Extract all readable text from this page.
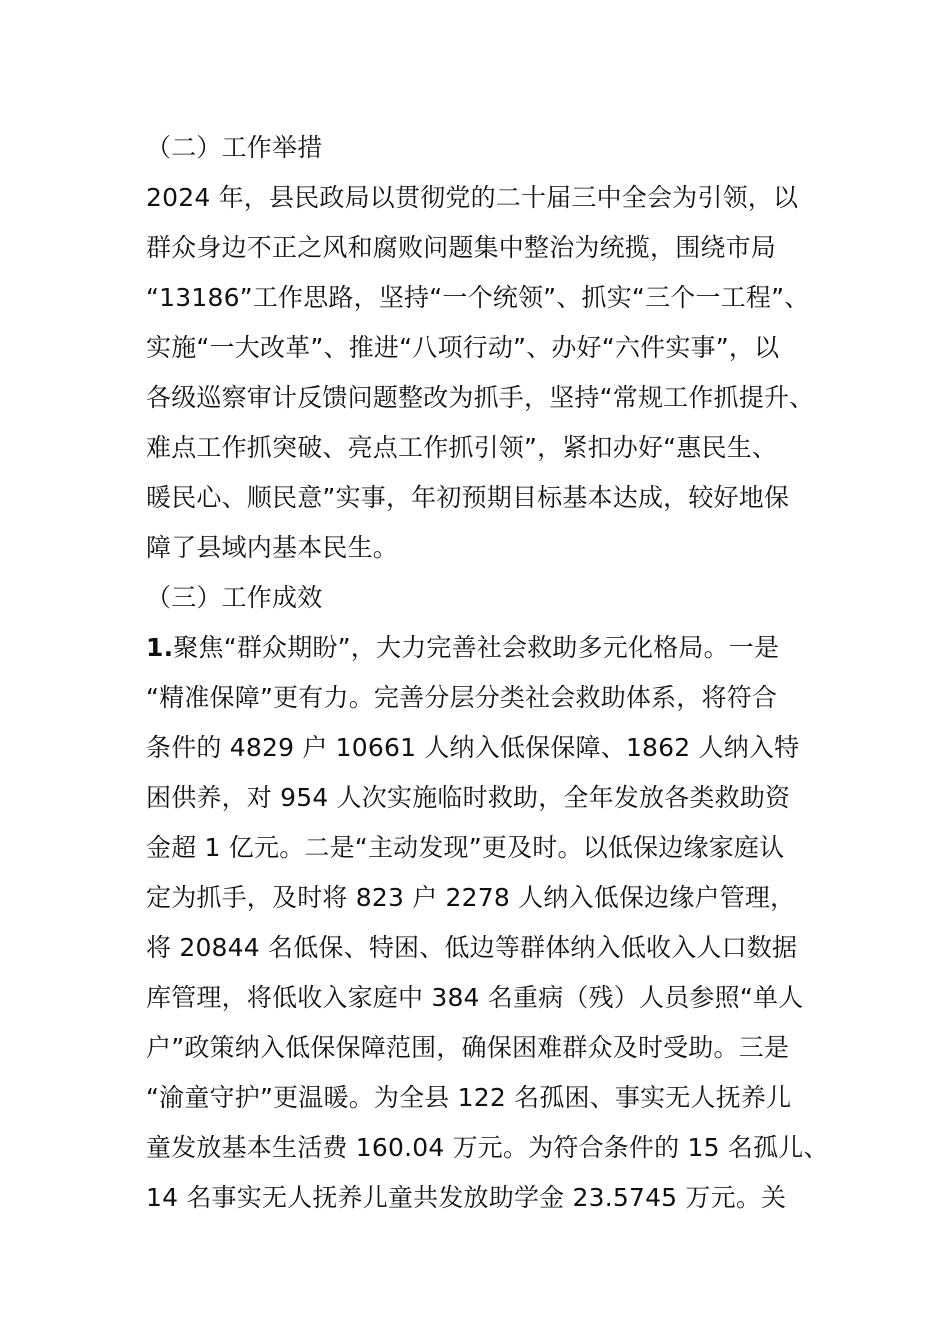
（二）工作举措
2024 年，县民政局以贯彻党的二十届三中全会为引领，以
群众身边不正之风和腐败问题集中整治为统揽，围绕市局
“13186”工作思路，坚持“一个统领”、抓实“三个一工程”、
实施“一大改革”、推进“八项行动”、办好“六件实事”，以
各级巡察审计反馈问题整改为抓手，坚持“常规工作抓提升、
难点工作抓突破、亮点工作抓引领”，紧扣办好“惠民生、
暖民心、顺民意”实事，年初预期目标基本达成，较好地保
障了县域内基本民生。
（三）工作成效
1.聚焦“群众期盼”，大力完善社会救助多元化格局。一是
“精准保障”更有力。完善分层分类社会救助体系，将符合
条件的 4829 户 10661 人纳入低保保障、1862 人纳入特
困供养，对 954 人次实施临时救助，全年发放各类救助资
金超 1 亿元。二是“主动发现”更及时。以低保边缘家庭认
定为抓手，及时将 823 户 2278 人纳入低保边缘户管理，
将 20844 名低保、特困、低边等群体纳入低收入人口数据
库管理，将低收入家庭中 384 名重病（残）人员参照“单人
户”政策纳入低保保障范围，确保困难群众及时受助。三是
“渝童守护”更温暖。为全县 122 名孤困、事实无人抚养儿
童发放基本生活费 160.04 万元。为符合条件的 15 名孤儿、
14 名事实无人抚养儿童共发放助学金 23.5745 万元。关
